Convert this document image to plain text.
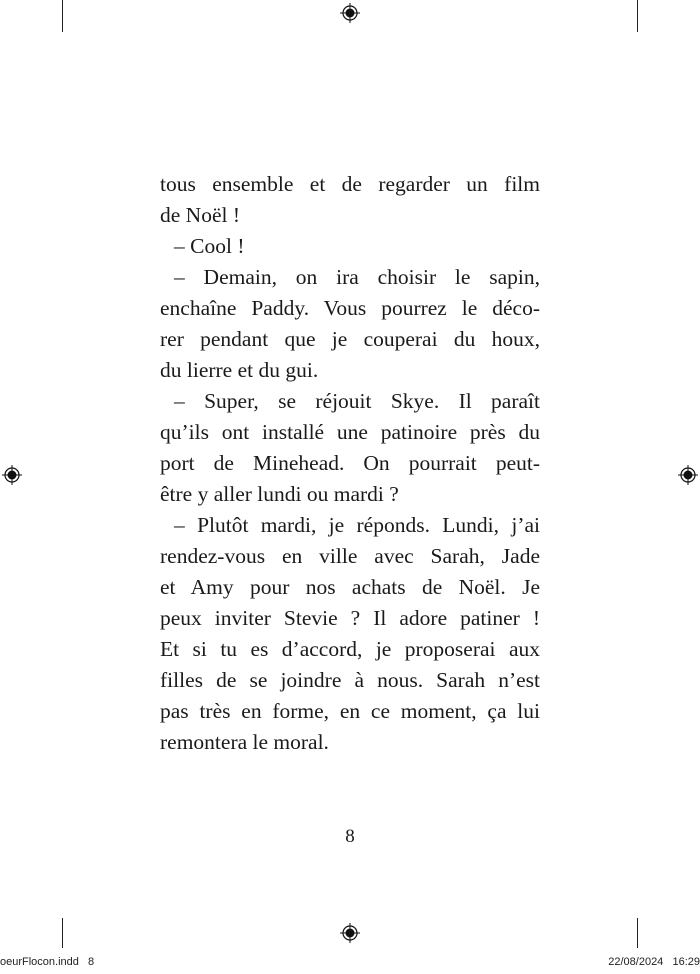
tous ensemble et de regarder un film
de Noël !
– Cool !
– Demain, on ira choisir le sapin,
enchaîne Paddy. Vous pourrez le déco-
rer pendant que je couperai du houx,
du lierre et du gui.
– Super, se réjouit Skye. Il paraît
qu’ils ont installé une patinoire près du
port de Minehead. On pourrait peut-
être y aller lundi ou mardi ?
– Plutôt mardi, je réponds. Lundi, j’ai
rendez-vous en ville avec Sarah, Jade
et Amy pour nos achats de Noël. Je
peux inviter Stevie ? Il adore patiner !
Et si tu es d’accord, je proposerai aux
filles de se joindre à nous. Sarah n’est
pas très en forme, en ce moment, ça lui
remontera le moral.
8
oeurFlocon.indd   8	22/08/2024   16:29
